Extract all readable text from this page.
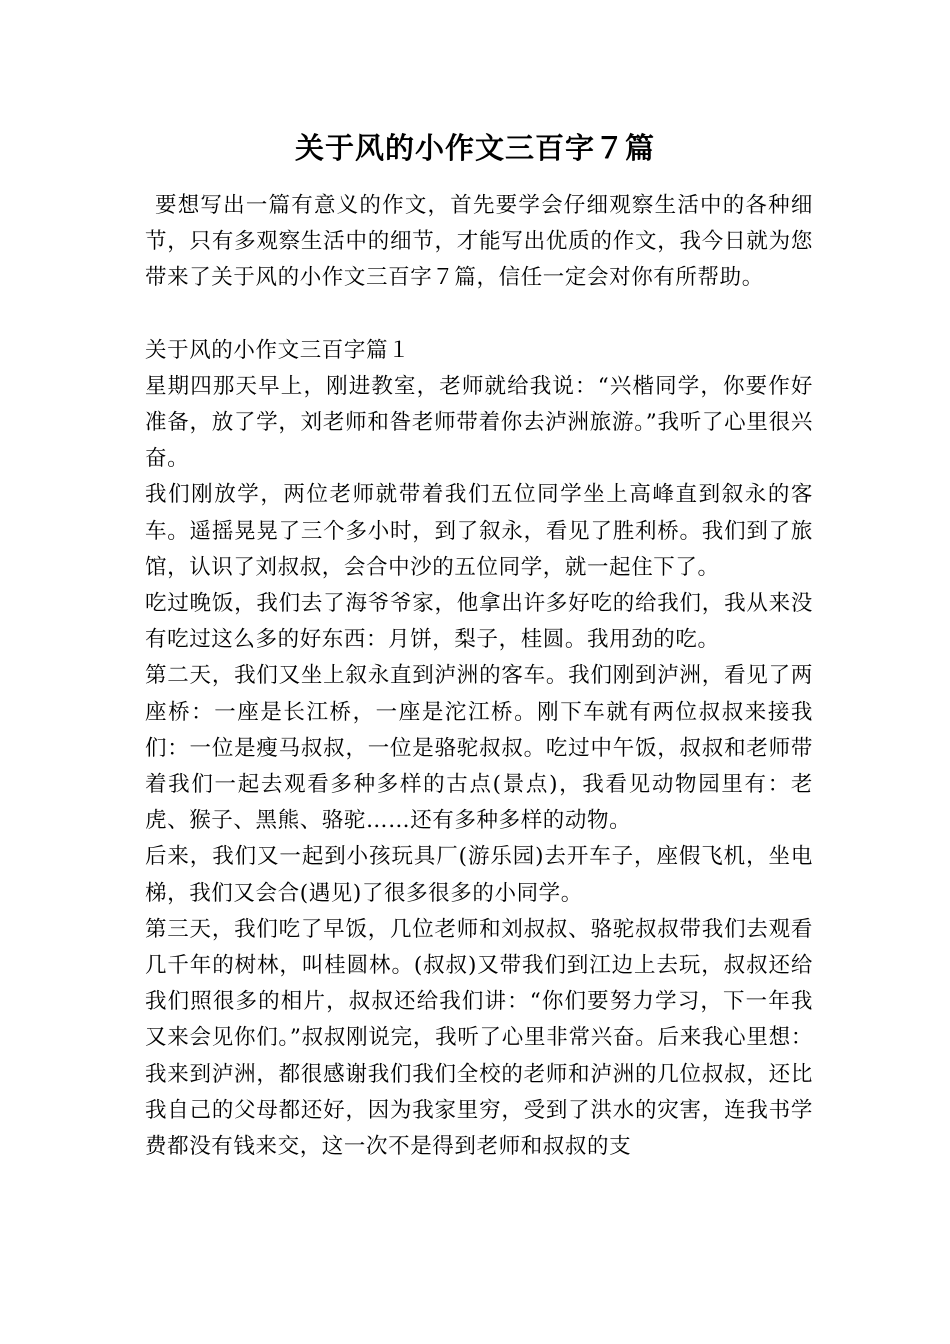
关于风的小作文三百字７篇

要想写出一篇有意义的作文，首先要学会仔细观察生活中的各种细节，只有多观察生活中的细节，才能写出优质的作文，我今日就为您带来了关于风的小作文三百字７篇，信任一定会对你有所帮助。

关于风的小作文三百字篇１

星期四那天早上，刚进教室，老师就给我说：“兴楷同学，你要作好准备，放了学，刘老师和昝老师带着你去泸洲旅游。”我听了心里很兴奋。

我们刚放学，两位老师就带着我们五位同学坐上高峰直到叙永的客车。遥摇晃晃了三个多小时，到了叙永，看见了胜利桥。我们到了旅馆，认识了刘叔叔，会合中沙的五位同学，就一起住下了。

吃过晚饭，我们去了海爷爷家，他拿出许多好吃的给我们，我从来没有吃过这么多的好东西：月饼，梨子，桂圆。我用劲的吃。

第二天，我们又坐上叙永直到泸洲的客车。我们刚到泸洲，看见了两座桥：一座是长江桥，一座是沱江桥。刚下车就有两位叔叔来接我们：一位是瘦马叔叔，一位是骆驼叔叔。吃过中午饭，叔叔和老师带着我们一起去观看多种多样的古点(景点)，我看见动物园里有：老虎、猴子、黑熊、骆驼……还有多种多样的动物。

后来，我们又一起到小孩玩具厂(游乐园)去开车子，座假飞机，坐电梯，我们又会合(遇见)了很多很多的小同学。

第三天，我们吃了早饭，几位老师和刘叔叔、骆驼叔叔带我们去观看几千年的树林，叫桂圆林。(叔叔)又带我们到江边上去玩，叔叔还给我们照很多的相片，叔叔还给我们讲：“你们要努力学习，下一年我又来会见你们。”叔叔刚说完，我听了心里非常兴奋。后来我心里想：我来到泸洲，都很感谢我们我们全校的老师和泸洲的几位叔叔，还比我自己的父母都还好，因为我家里穷，受到了洪水的灾害，连我书学费都没有钱来交，这一次不是得到老师和叔叔的支
